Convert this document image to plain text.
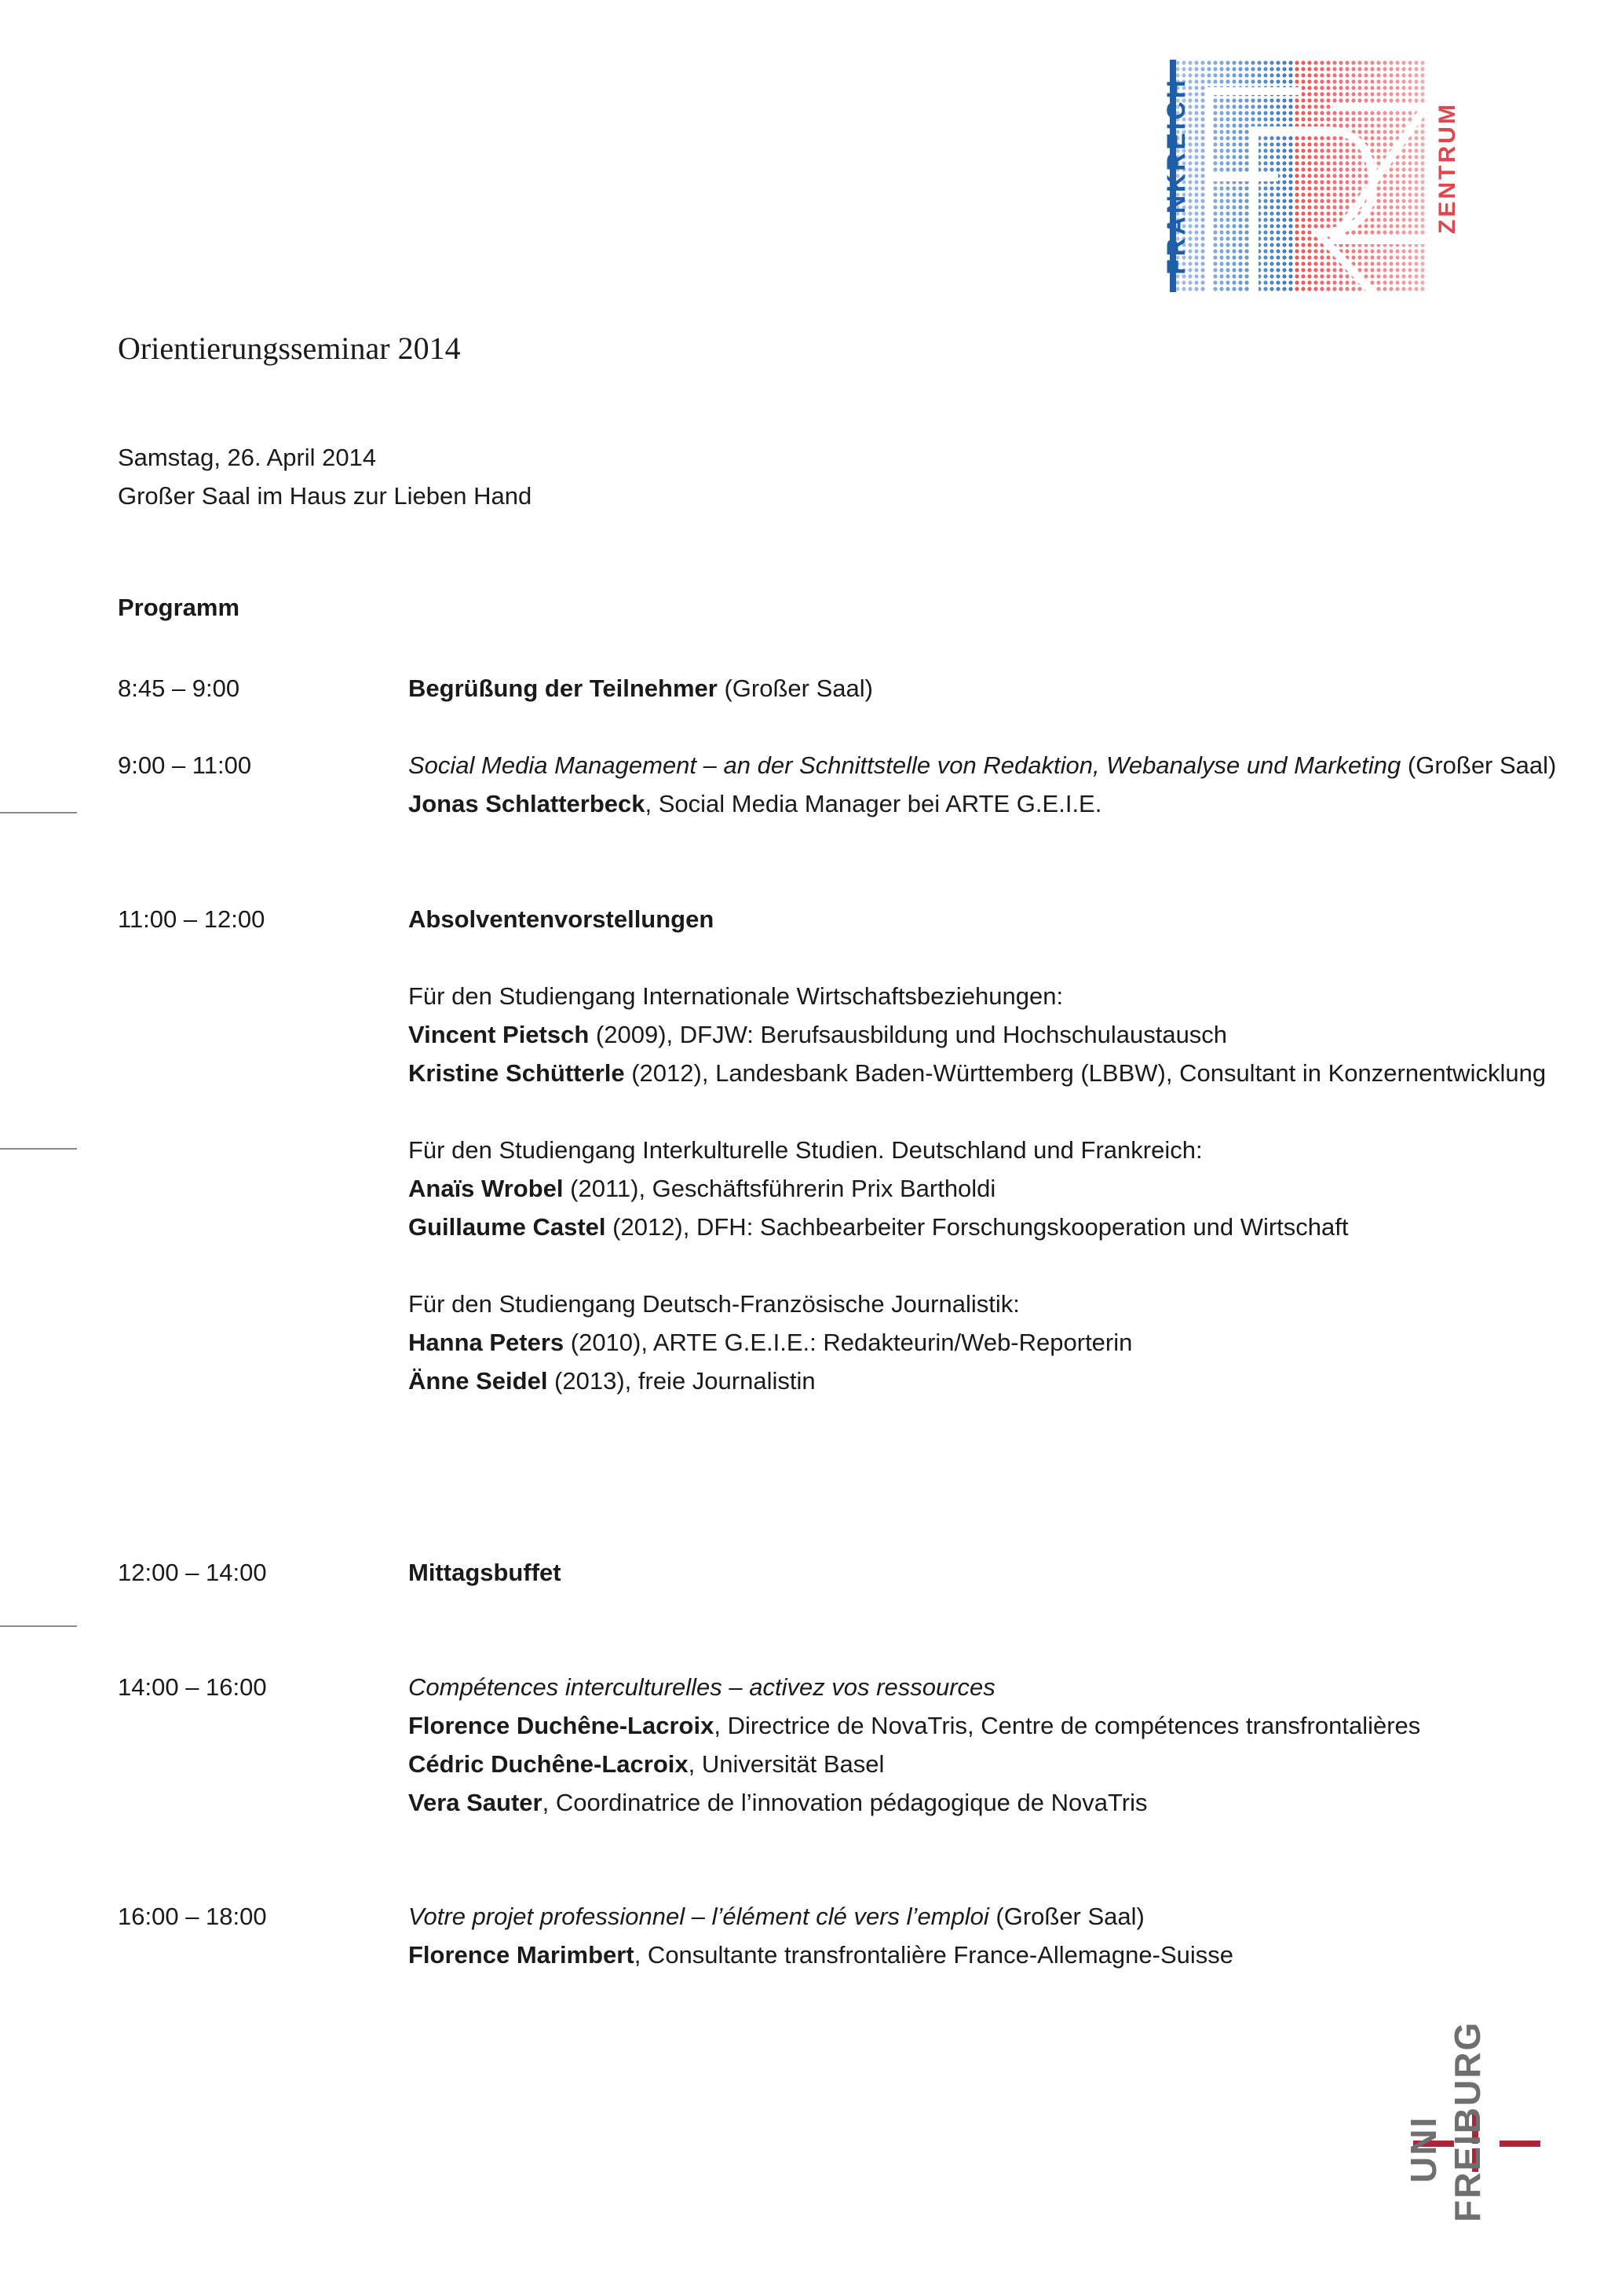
FRANKREICH	ZENTRUM
Orientierungsseminar 2014
Samstag, 26. April 2014
Großer Saal im Haus zur Lieben Hand
Programm
8:45 – 9:00	Begrüßung der Teilnehmer (Großer Saal)

9:00 – 11:00	Social Media Management – an der Schnittstelle von Redaktion, Webanalyse und Marketing (Großer Saal)

Jonas Schlatterbeck, Social Media Manager bei ARTE G.E.I.E.

11:00 – 12:00	Absolventenvorstellungen

Für den Studiengang Internationale Wirtschaftsbeziehungen:

Vincent Pietsch (2009), DFJW: Berufsausbildung und Hochschulaustausch

Kristine Schütterle (2012), Landesbank Baden-Württemberg (LBBW), Consultant in Konzernentwicklung

Für den Studiengang Interkulturelle Studien. Deutschland und Frankreich:

Anaïs Wrobel (2011), Geschäftsführerin Prix Bartholdi

Guillaume Castel (2012), DFH: Sachbearbeiter Forschungskooperation und Wirtschaft

Für den Studiengang Deutsch-Französische Journalistik:

Hanna Peters (2010), ARTE G.E.I.E.: Redakteurin/Web-Reporterin

Änne Seidel (2013), freie Journalistin

12:00 – 14:00	Mittagsbuffet

14:00 – 16:00	Compétences interculturelles – activez vos ressources

Florence Duchêne-Lacroix, Directrice de NovaTris, Centre de compétences transfrontalières

Cédric Duchêne-Lacroix, Universität Basel

Vera Sauter, Coordinatrice de l’innovation pédagogique de NovaTris

16:00 – 18:00	Votre projet professionnel – l’élément clé vers l’emploi (Großer Saal)

Florence Marimbert, Consultante transfrontalière France-Allemagne-Suisse

UNI FREIBURG
